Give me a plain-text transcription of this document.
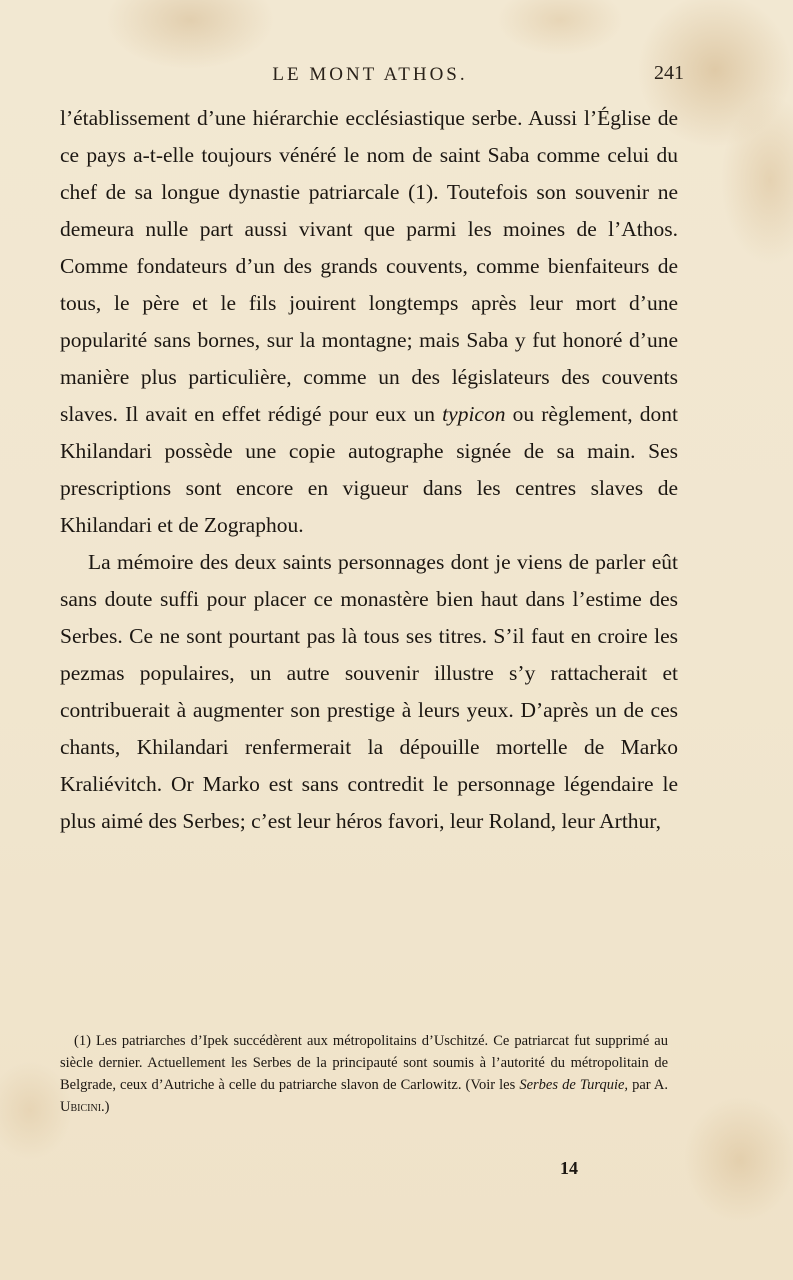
LE MONT ATHOS.	241

l’établissement d’une hiérarchie ecclésiastique serbe. Aussi l’Église de ce pays a-t-elle toujours vénéré le nom de saint Saba comme celui du chef de sa longue dynastie patriarcale (1). Toutefois son souvenir ne demeura nulle part aussi vivant que parmi les moines de l’Athos. Comme fondateurs d’un des grands couvents, comme bienfaiteurs de tous, le père et le fils jouirent longtemps après leur mort d’une popularité sans bornes, sur la montagne; mais Saba y fut honoré d’une manière plus particulière, comme un des législateurs des couvents slaves. Il avait en effet rédigé pour eux un typicon ou règlement, dont Khilandari possède une copie autographe signée de sa main. Ses prescriptions sont encore en vigueur dans les centres slaves de Khilandari et de Zographou.

La mémoire des deux saints personnages dont je viens de parler eût sans doute suffi pour placer ce monastère bien haut dans l’estime des Serbes. Ce ne sont pourtant pas là tous ses titres. S’il faut en croire les pezmas populaires, un autre souvenir illustre s’y rattacherait et contribuerait à augmenter son prestige à leurs yeux. D’après un de ces chants, Khilandari renfermerait la dépouille mortelle de Marko Kraliévitch. Or Marko est sans contredit le personnage légendaire le plus aimé des Serbes; c’est leur héros favori, leur Roland, leur Arthur,

(1) Les patriarches d’Ipek succédèrent aux métropolitains d’Uschitzé. Ce patriarcat fut supprimé au siècle dernier. Actuellement les Serbes de la principauté sont soumis à l’autorité du métropolitain de Belgrade, ceux d’Autriche à celle du patriarche slavon de Carlowitz. (Voir les Serbes de Turquie, par A. Ubicini.)

14
